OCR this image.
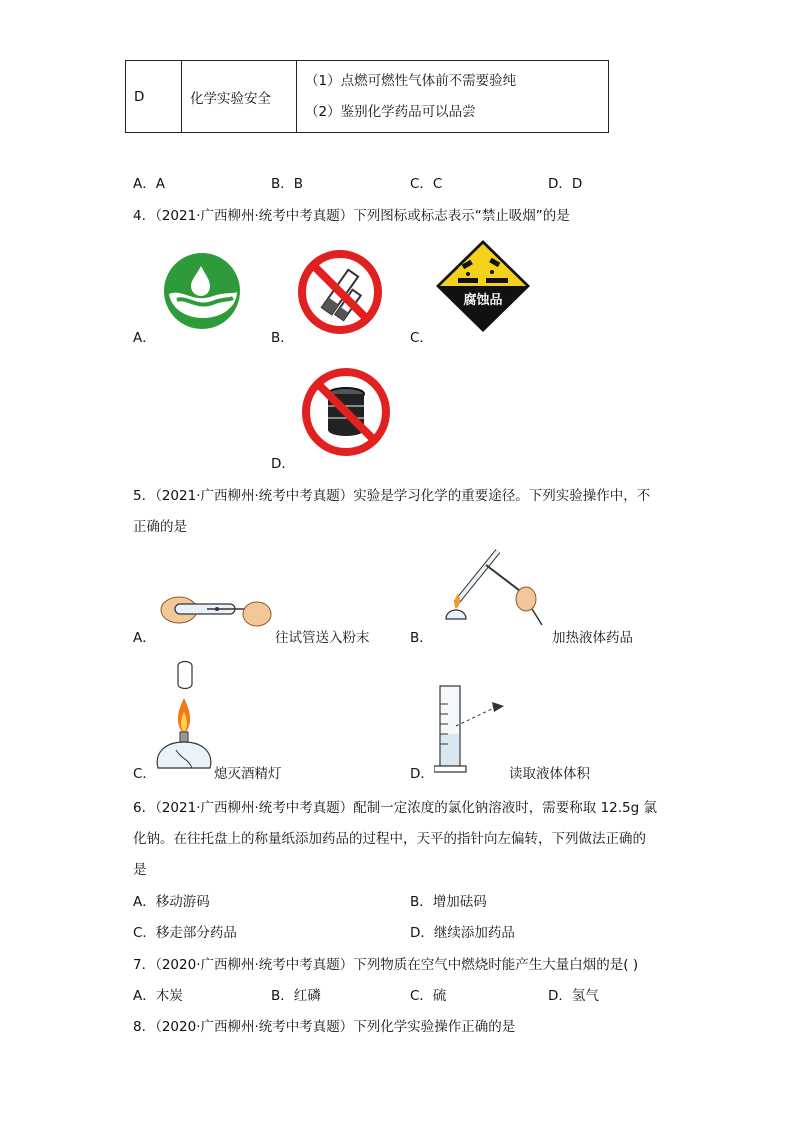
D	化学实验安全	
（1）点燃可燃性气体前不需要验纯
（2）鉴别化学药品可以品尝
A．A	B．B	C．C	D．D
4．（2021·广西柳州·统考中考真题）下列图标或标志表示“禁止吸烟”的是
A．	B．
腐蚀品
C．
D．
5．（2021·广西柳州·统考中考真题）实验是学习化学的重要途径。下列实验操作中，不
正确的是
A．	往试管送入粉末	B．	加热液体药品
C．	熄灭酒精灯	D．	读取液体体积
6．（2021·广西柳州·统考中考真题）配制一定浓度的氯化钠溶液时，需要称取 12.5g 氯
化钠。在往托盘上的称量纸添加药品的过程中，天平的指针向左偏转，下列做法正确的
是
A．移动游码	B．增加砝码
C．移走部分药品	D．继续添加药品
7．（2020·广西柳州·统考中考真题）下列物质在空气中燃烧时能产生大量白烟的是( )
A．木炭	B．红磷	C．硫	D．氢气
8．（2020·广西柳州·统考中考真题）下列化学实验操作正确的是
